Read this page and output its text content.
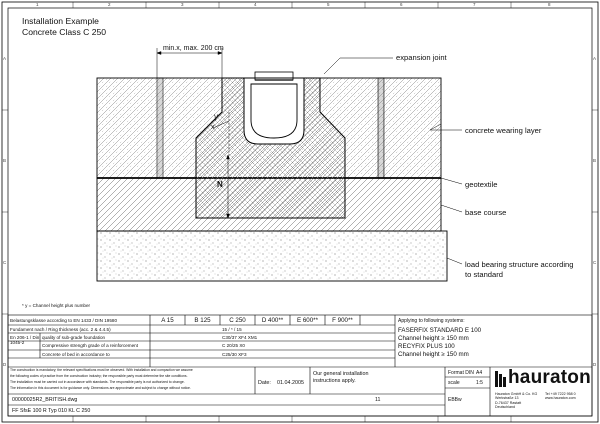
1	2	3	4	5	6	7	8
A
B
C
D
A
B
C
D
Installation Example
Concrete Class C 250
min.x, max. 200 cm
x
y
N
expansion joint
concrete wearing layer
geotextile
base course
load bearing structure according
to standard
* y = Channel height plus number
Belastungsklasse according to EN 1433 / DIN 19580	A 15	B 125	C 250	D 400**	E 600**	F 900**
Fundament nach / Ring thickness (acc. 2 & 4.4.5)	15 / * / 15
En 206-1 / Din 1045-2
quality of sub-grade foundation	C30/37 XF4 XM1
Compressive strength grade of a reinforcement	C 20/25 X0
Concrete of bed in accordance to	C25/30 XF3
Applying to following systems:
FASERFIX STANDARD E 100
Channel height ≥ 150 mm
RECYFIX PLUS 100
Channel height ≥ 150 mm
The construction is mandatory; the relevant specifications must be observed. With installation and compaction we assume
the following codes of practice from the construction industry; the responsible party must determine the site conditions.
The installation must be carried out in accordance with standards. The responsible party is not authorized to change.
The information in this document is for guidance only. Dimensions are approximate and subject to change without notice.
Date: 01.04.2005
Our general installation
instructions apply.
00000025R2_BRITISH.dwg	11
FF SfsE 100 R Typ 010 KL C 250
Format DIN A4
scale	1:5
EBBw
hauraton
Hauraton GmbH & Co. KG
Werkstraße 13
D-76437 Rastatt
Deutschland
Tel +49 7222 958 0
www.hauraton.com
